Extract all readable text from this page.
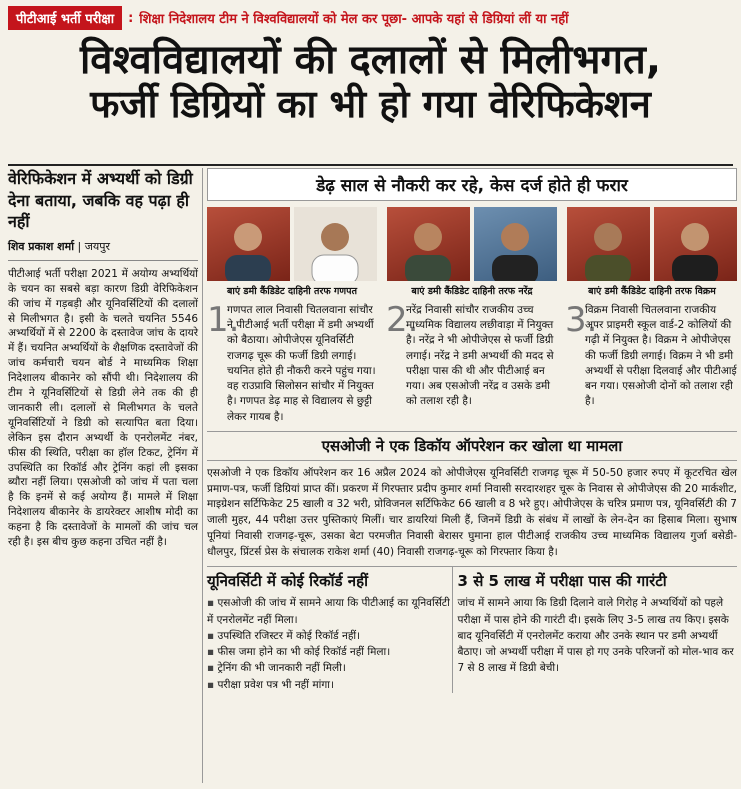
पीटीआई भर्ती परीक्षा	: शिक्षा निदेशालय टीम ने विश्वविद्यालयों को मेल कर पूछा- आपके यहां से डिग्रियां लीं या नहीं
विश्वविद्यालयों की दलालों से मिलीभगत,
फर्जी डिग्रियों का भी हो गया वेरिफिकेशन
वेरिफिकेशन में अभ्यर्थी को डिग्री देना बताया, जबकि वह पढ़ा ही नहीं
शिव प्रकाश शर्मा | जयपुर
पीटीआई भर्ती परीक्षा 2021 में अयोग्य अभ्यर्थियों के चयन का सबसे बड़ा कारण डिग्री वेरिफिकेशन की जांच में गड़बड़ी और यूनिवर्सिटियों की दलालों से मिलीभगत है। इसी के चलते चयनित 5546 अभ्यर्थियों में से 2200 के दस्तावेज जांच के दायरे में हैं। चयनित अभ्यर्थियों के शैक्षणिक दस्तावेजों की जांच कर्मचारी चयन बोर्ड ने माध्यमिक शिक्षा निदेशालय बीकानेर को सौंपी थी। निदेशालय की टीम ने यूनिवर्सिटियों से डिग्री लेने तक की ही जानकारी ली। दलालों से मिलीभगत के चलते यूनिवर्सिटियों ने डिग्री को सत्यापित बता दिया। लेकिन इस दौरान अभ्यर्थी के एनरोलमेंट नंबर, फीस की स्थिति, परीक्षा का हॉल टिकट, ट्रेनिंग में उपस्थिति का रिकॉर्ड और ट्रेनिंग कहां ली इसका ब्यौरा नहीं लिया। एसओजी को जांच में पता चला है कि इनमें से कई अयोग्य हैं। मामले में शिक्षा निदेशालय बीकानेर के डायरेक्टर आशीष मोदी का कहना है कि दस्तावेजों के मामलों की जांच चल रही है। इस बीच कुछ कहना उचित नहीं है।
डेढ़ साल से नौकरी कर रहे, केस दर्ज होते ही फरार
बाएं डमी कैंडिडेट दाहिनी तरफ गणपत	बाएं डमी कैंडिडेट दाहिनी तरफ नरेंद्र	बाएं डमी कैंडिडेट दाहिनी तरफ विक्रम
1.
गणपत लाल निवासी चितलवाना सांचौर ने पीटीआई भर्ती परीक्षा में डमी अभ्यर्थी को बैठाया। ओपीजेएस यूनिवर्सिटी राजगढ़ चूरू की फर्जी डिग्री लगाई। चयनित होते ही नौकरी करने पहुंच गया। वह राउप्रावि सिलोसन सांचौर में नियुक्त है। गणपत डेढ़ माह से विद्यालय से छुट्टी लेकर गायब है।
2.
नरेंद्र निवासी सांचौर राजकीय उच्च माध्यमिक विद्यालय लछीवाड़ा में नियुक्त है। नरेंद्र ने भी ओपीजेएस से फर्जी डिग्री लगाई। नरेंद्र ने डमी अभ्यर्थी की मदद से परीक्षा पास की थी और पीटीआई बन गया। अब एसओजी नरेंद्र व उसके डमी को तलाश रही है।
3.
विक्रम निवासी चितलवाना राजकीय अपर प्राइमरी स्कूल वार्ड-2 कोलियों की गढ़ी में नियुक्त है। विक्रम ने ओपीजेएस की फर्जी डिग्री लगाई। विक्रम ने भी डमी अभ्यर्थी से परीक्षा दिलवाई और पीटीआई बन गया। एसओजी दोनों को तलाश रही है।
एसओजी ने एक डिकॉय ऑपरेशन कर खोला था मामला
एसओजी ने एक डिकॉय ऑपरेशन कर 16 अप्रैल 2024 को ओपीजेएस यूनिवर्सिटी राजगढ़ चूरू में 50-50 हजार रुपए में कूटरचित खेल प्रमाण-पत्र, फर्जी डिग्रियां प्राप्त कीं। प्रकरण में गिरफ्तार प्रदीप कुमार शर्मा निवासी सरदारशहर चूरू के निवास से ओपीजेएस की 20 मार्कशीट, माइग्रेशन सर्टिफिकेट 25 खाली व 32 भरी, प्रोविजनल सर्टिफिकेट 66 खाली व 8 भरे हुए। ओपीजेएस के चरित्र प्रमाण पत्र, यूनिवर्सिटी की 7 जाली मुहर, 44 परीक्षा उत्तर पुस्तिकाएं मिलीं। चार डायरियां मिली हैं, जिनमें डिग्री के संबंध में लाखों के लेन-देन का हिसाब मिला। सुभाष पूनियां निवासी राजगढ़-चूरू, उसका बेटा परमजीत निवासी बेरासर घुमाना हाल पीटीआई राजकीय उच्च माध्यमिक विद्यालय गुर्जा बसेडी-धौलपुर, प्रिंटर्स प्रेस के संचालक राकेश शर्मा (40) निवासी राजगढ़-चूरू को गिरफ्तार किया है।
यूनिवर्सिटी में कोई रिकॉर्ड नहीं
▪ एसओजी की जांच में सामने आया कि पीटीआई का यूनिवर्सिटी में एनरोलमेंट नहीं मिला।
▪ उपस्थिति रजिस्टर में कोई रिकॉर्ड नहीं।
▪ फीस जमा होने का भी कोई रिकॉर्ड नहीं मिला।
▪ ट्रेनिंग की भी जानकारी नहीं मिली।
▪ परीक्षा प्रवेश पत्र भी नहीं मांगा।
3 से 5 लाख में परीक्षा पास की गारंटी
जांच में सामने आया कि डिग्री दिलाने वाले गिरोह ने अभ्यर्थियों को पहले परीक्षा में पास होने की गारंटी दी। इसके लिए 3-5 लाख तय किए। इसके बाद यूनिवर्सिटी में एनरोलमेंट कराया और उनके स्थान पर डमी अभ्यर्थी बैठाए। जो अभ्यर्थी परीक्षा में पास हो गए उनके परिजनों को मोल-भाव कर 7 से 8 लाख में डिग्री बेची।
